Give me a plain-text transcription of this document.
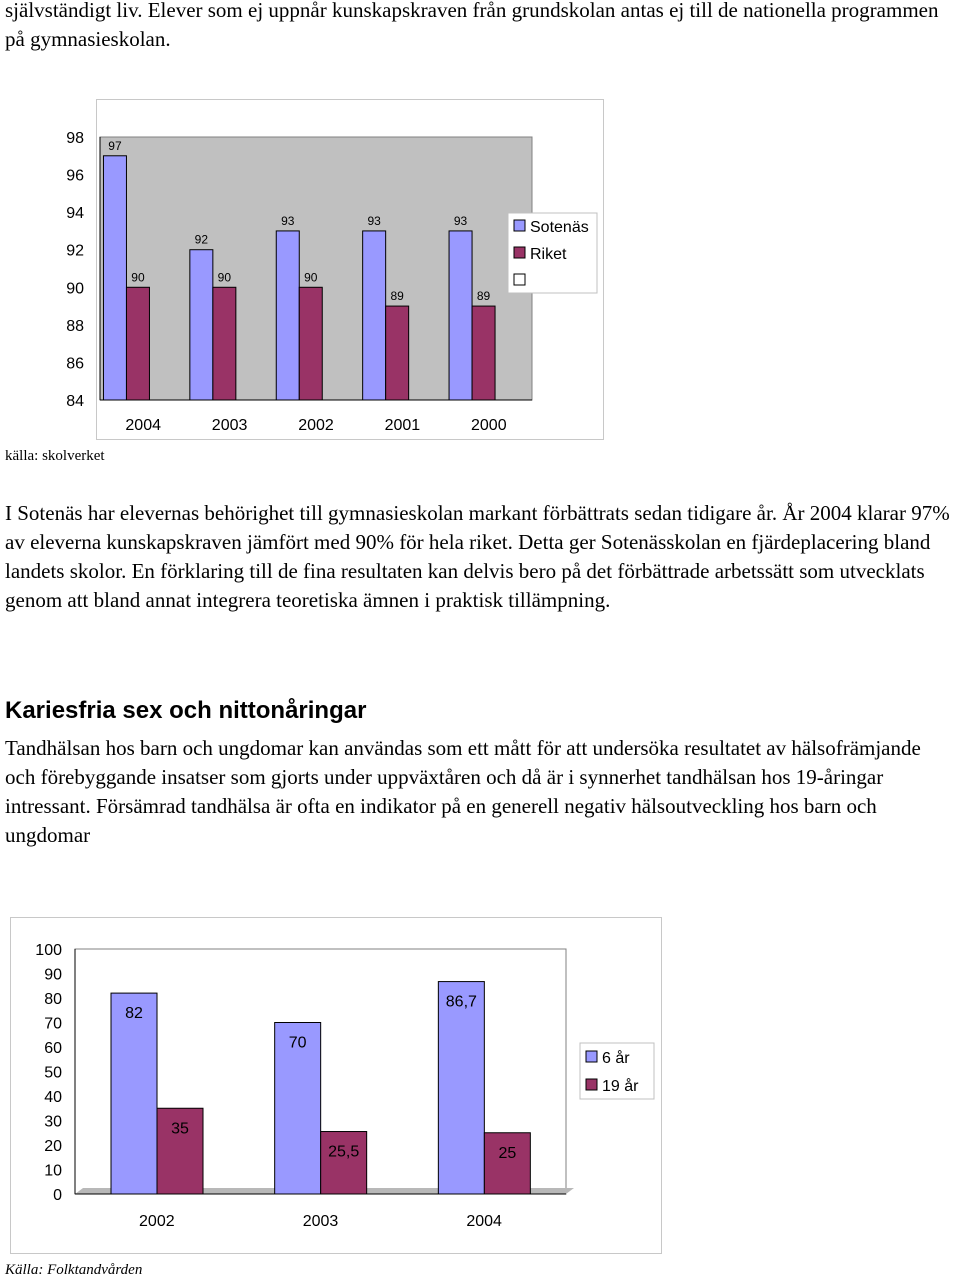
självständigt liv. Elever som ej uppnår kunskapskraven från grundskolan antas ej till de nationella programmen på gymnasieskolan.

84
86
88
90
92
94
96
98 97
90
2004
92
90
2003
93
90
2002
93
89
2001
93
89
2000
Sotenäs
Riket

källa: skolverket

I Sotenäs har elevernas behörighet till gymnasieskolan markant förbättrats sedan tidigare år. År 2004 klarar 97% av eleverna kunskapskraven jämfört med 90% för hela riket. Detta ger Sotenässkolan en fjärdeplacering bland landets skolor. En förklaring till de fina resultaten kan delvis bero på det förbättrade arbetssätt som utvecklats genom att bland annat integrera teoretiska ämnen i praktisk tillämpning.

Kariesfria sex och nittonåringar

Tandhälsan hos barn och ungdomar kan användas som ett mått för att undersöka resultatet av hälsofrämjande och förebyggande insatser som gjorts under uppväxtåren och då är i synnerhet tandhälsan hos 19-åringar intressant. Försämrad tandhälsa är ofta en indikator på en generell negativ hälsoutveckling hos barn och ungdomar

0
10
20
30
40
50
60
70
80
90
100
82
35
2002
70
25,5
2003
86,7
25
2004
6 år
19 år

Källa: Folktandvården
